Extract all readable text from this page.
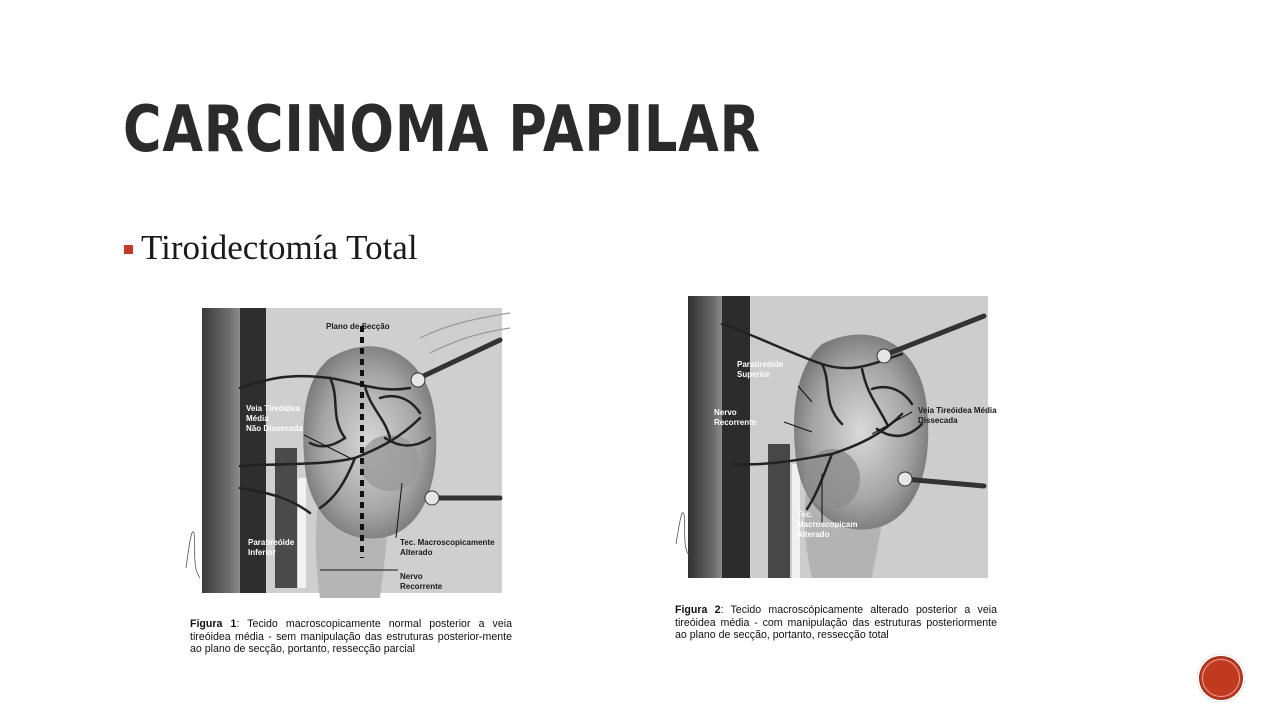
CARCINOMA PAPILAR
Tiroidectomía Total
Plano de Secção
Veia Tireóidea
Média
Não Dissecada
Paratireóide
Inferior
Tec. Macroscopicamente
Alterado
Nervo
Recorrente
Figura 1: Tecido macroscopicamente normal posterior a veia tireóidea média - sem manipulação das estruturas posterior-mente ao plano de secção, portanto, ressecção parcial
Paratireóide
Superior
Nervo
Recorrente
Veia Tireóidea Média
Dissecada
Tec.
Macroscopicam
Alterado
Figura 2: Tecido macroscópicamente alterado posterior a veia tireóidea média - com manipulação das estruturas posteriormente ao plano de secção, portanto, ressecção total
